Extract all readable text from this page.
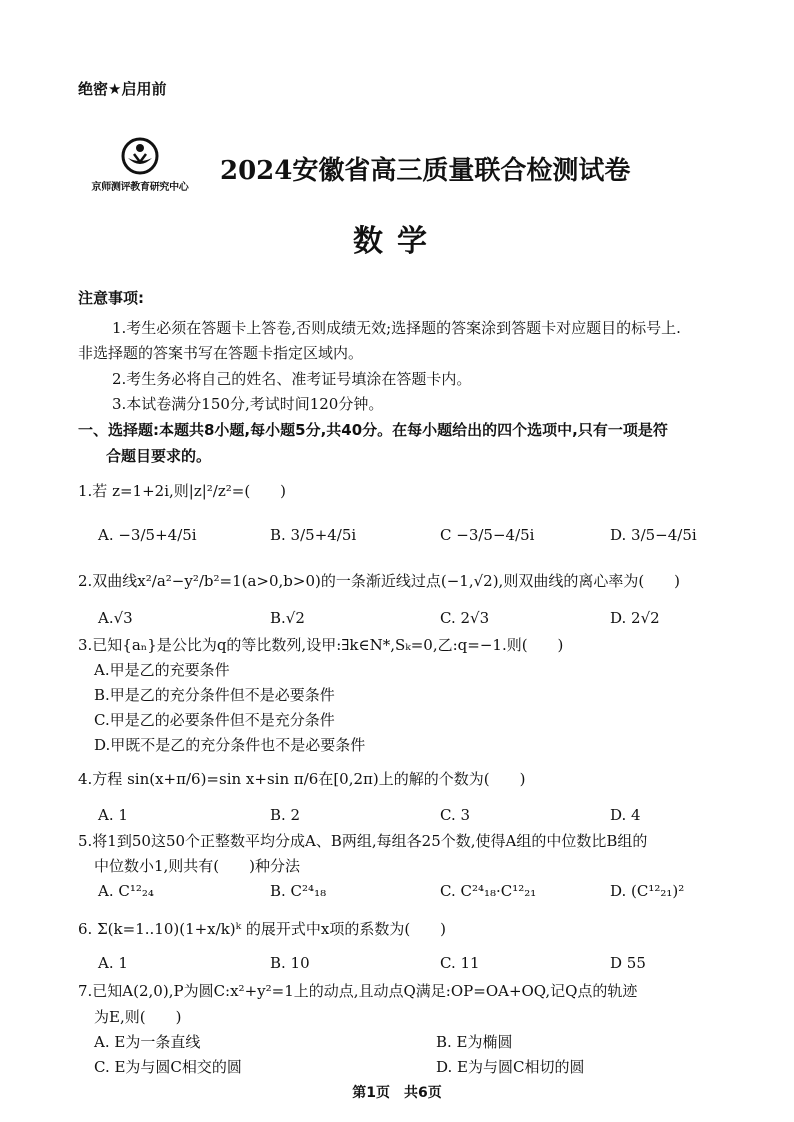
绝密★启用前
京师测评教育研究中心
2024安徽省高三质量联合检测试卷
数学
注意事项:
1.考生必须在答题卡上答卷,否则成绩无效;选择题的答案涂到答题卡对应题目的标号上.
非选择题的答案书写在答题卡指定区域内。
2.考生务必将自己的姓名、准考证号填涂在答题卡内。
3.本试卷满分150分,考试时间120分钟。
一、选择题:本题共8小题,每小题5分,共40分。在每小题给出的四个选项中,只有一项是符
合题目要求的。
1.若 z=1+2i,则|z|²/z²=(　　)
A. −3/5+4/5i	B. 3/5+4/5i	C −3/5−4/5i	D. 3/5−4/5i
2.双曲线x²/a²−y²/b²=1(a>0,b>0)的一条渐近线过点(−1,√2),则双曲线的离心率为(　　)
A.√3	B.√2	C. 2√3	D. 2√2
3.已知{aₙ}是公比为q的等比数列,设甲:∃k∈N*,Sₖ=0,乙:q=−1.则(　　)
A.甲是乙的充要条件
B.甲是乙的充分条件但不是必要条件
C.甲是乙的必要条件但不是充分条件
D.甲既不是乙的充分条件也不是必要条件
4.方程 sin(x+π/6)=sin x+sin π/6在[0,2π)上的解的个数为(　　)
A. 1	B. 2	C. 3	D. 4
5.将1到50这50个正整数平均分成A、B两组,每组各25个数,使得A组的中位数比B组的
中位数小1,则共有(　　)种分法
A. C¹²₂₄	B. C²⁴₁₈	C. C²⁴₁₈·C¹²₂₁	D. (C¹²₂₁)²
6. Σ(k=1..10)(1+x/k)ᵏ 的展开式中x项的系数为(　　)
A. 1	B. 10	C. 11	D 55
7.已知A(2,0),P为圆C:x²+y²=1上的动点,且动点Q满足:OP=OA+OQ,记Q点的轨迹
为E,则(　　)
A. E为一条直线	B. E为椭圆
C. E为与圆C相交的圆	D. E为与圆C相切的圆
第1页　共6页
